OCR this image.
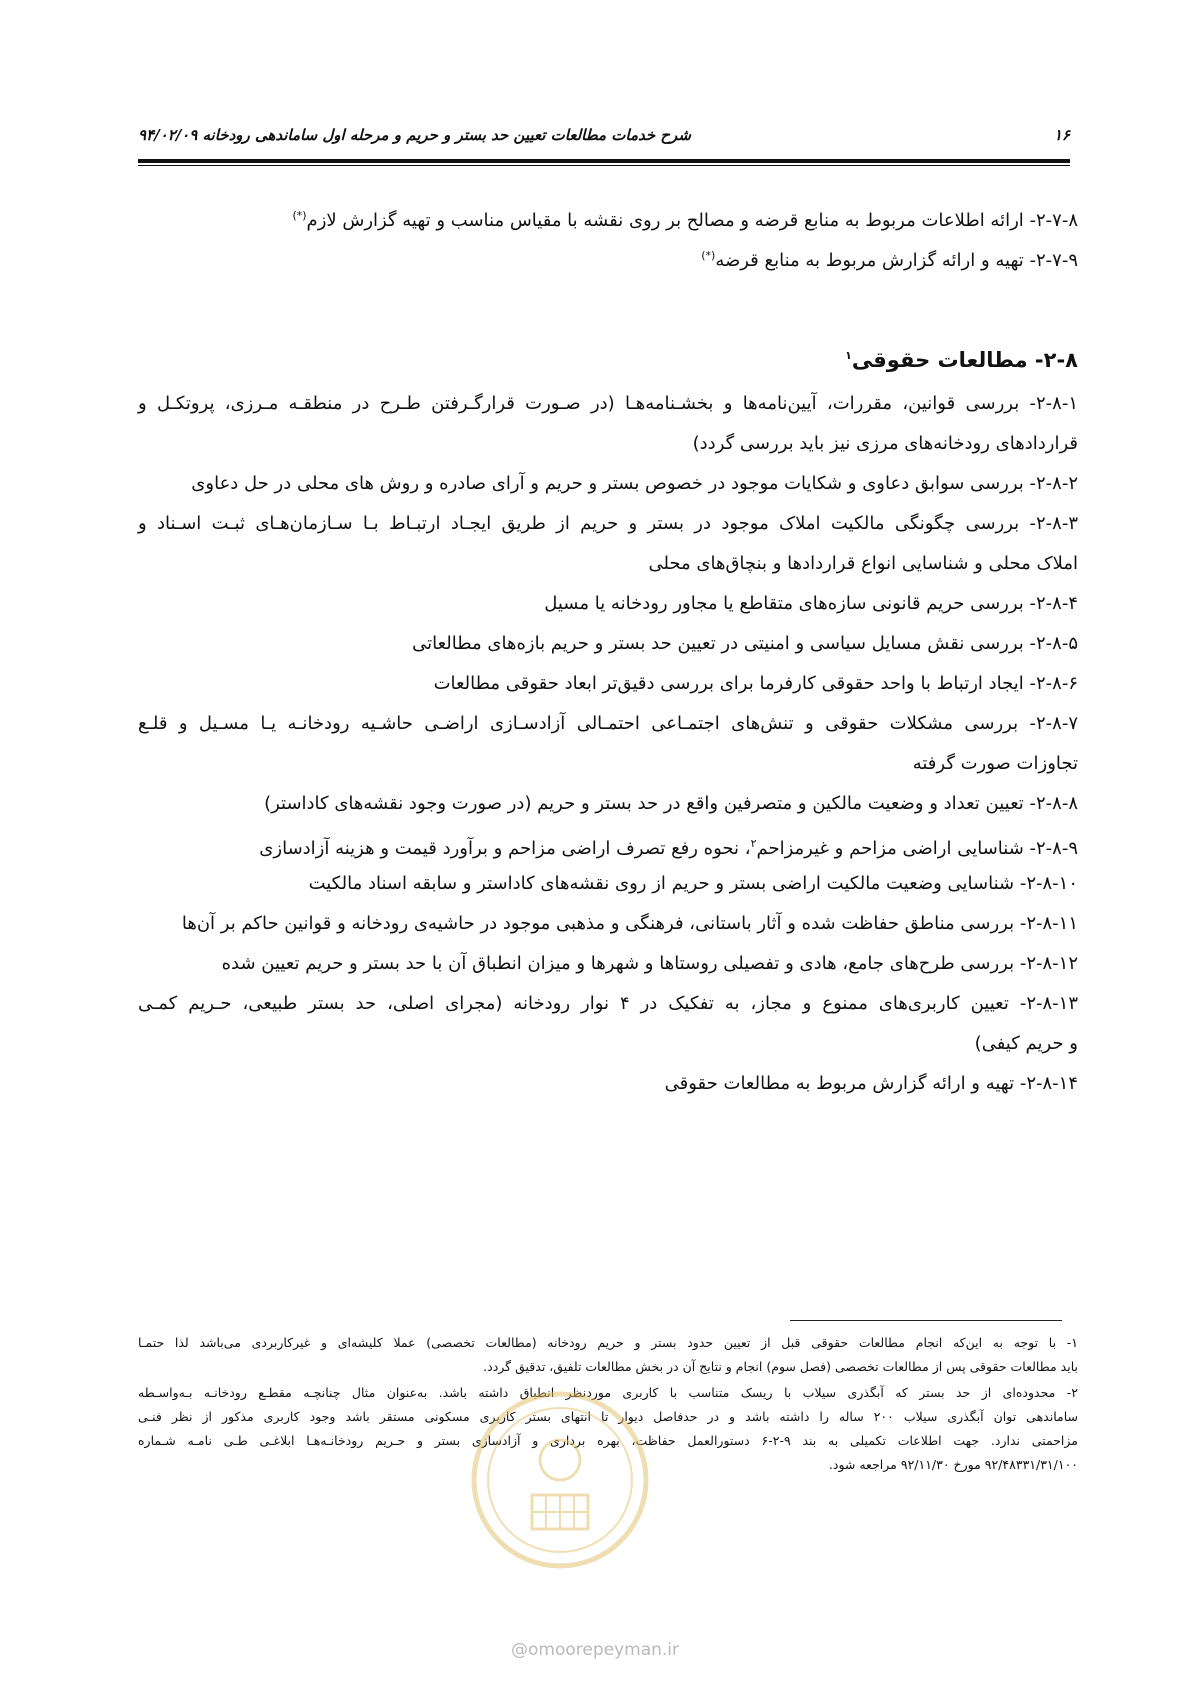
۱۶
شرح خدمات مطالعات تعیین حد بستر و حریم و مرحله اول ساماندهی رودخانه ۹۴/۰۲/۰۹
۲-۷-۸- ارائه اطلاعات مربوط به منابع قرضه و مصالح بر روی نقشه با مقیاس مناسب و تهیه گزارش لازم(*)
۲-۷-۹- تهیه و ارائه گزارش مربوط به منابع قرضه(*)
۲-۸- مطالعات حقوقی$^۱$
۲-۸-۱- بررسی قوانین، مقررات، آیین‌نامه‌ها و بخشـنامه‌هـا (در صـورت قرارگـرفتن طـرح در منطقـه مـرزی، پروتکـل و
قراردادهای رودخانه‌های مرزی نیز باید بررسی گردد)
۲-۸-۲- بررسی سوابق دعاوی و شکایات موجود در خصوص بستر و حریم و آرای صادره و روش های محلی در حل دعاوی
۲-۸-۳- بررسی چگونگی مالکیت املاک موجود در بستر و حریم از طریق ایجـاد ارتبـاط بـا سـازمان‌هـای ثبـت اسـناد و
املاک محلی و شناسایی انواع قراردادها و بنچاق‌های محلی
۲-۸-۴- بررسی حریم قانونی سازه‌های متقاطع یا مجاور رودخانه یا مسیل
۲-۸-۵- بررسی نقش مسایل سیاسی و امنیتی در تعیین حد بستر و حریم بازه‌های مطالعاتی
۲-۸-۶- ایجاد ارتباط با واحد حقوقی کارفرما برای بررسی دقیق‌تر ابعاد حقوقی مطالعات
۲-۸-۷- بررسی مشکلات حقوقی و تنش‌های اجتمـاعی احتمـالی آزادسـازی اراضـی حاشـیه رودخانـه یـا مسـیل و قلـع
تجاوزات صورت گرفته
۲-۸-۸- تعیین تعداد و وضعیت مالکین و متصرفین واقع در حد بستر و حریم (در صورت وجود نقشه‌های کاداستر)
۲-۸-۹- شناسایی اراضی مزاحم و غیرمزاحم$^۲$، نحوه رفع تصرف اراضی مزاحم و برآورد قیمت و هزینه آزادسازی
۲-۸-۱۰- شناسایی وضعیت مالکیت اراضی بستر و حریم از روی نقشه‌های کاداستر و سابقه اسناد مالکیت
۲-۸-۱۱- بررسی مناطق حفاظت شده و آثار باستانی، فرهنگی و مذهبی موجود در حاشیه‌ی رودخانه و قوانین حاکم بر آن‌ها
۲-۸-۱۲- بررسی طرح‌های جامع، هادی و تفصیلی روستاها و شهرها و میزان انطباق آن با حد بستر و حریم تعیین شده
۲-۸-۱۳- تعیین کاربری‌های ممنوع و مجاز، به تفکیک در ۴ نوار رودخانه (مجرای اصلی، حد بستر طبیعی، حـریم کمـی
و حریم کیفی)
۲-۸-۱۴- تهیه و ارائه گزارش مربوط به مطالعات حقوقی
۱- با توجه به این‌که انجام مطالعات حقوقی قبل از تعیین حدود بستر و حریم رودخانه (مطالعات تخصصی) عملا کلیشه‌ای و غیرکاربردی می‌باشد لذا حتمـا
باید مطالعات حقوقی پس از مطالعات تخصصی (فصل سوم) انجام و نتایج آن در بخش مطالعات تلفیق، تدقیق گردد.
۲- محدوده‌ای از حد بستر که آبگذری سیلاب با ریسک متناسب با کاربری موردنظر انطباق داشته باشد. به‌عنوان مثال چنانچـه مقطـع رودخانـه بـه‌واسـطه
ساماندهی توان آبگذری سیلاب ۲۰۰ ساله را داشته باشد و در حدفاصل دیوار تا انتهای بستر کاربری مسکونی مستقر باشد وجود کاربری مذکور از نظر فنـی
مزاحمتی ندارد. جهت اطلاعات تکمیلی به بند ۹-۲-۶ دستورالعمل حفاظت، بهره برداری و آزادسازی بستر و حـریم رودخانـه‌هـا ابلاغـی طـی نامـه شـماره
۹۲/۴۸۳۳۱/۳۱/۱۰۰ مورخ ۹۲/۱۱/۳۰ مراجعه شود.
@omoorepeyman.ir
